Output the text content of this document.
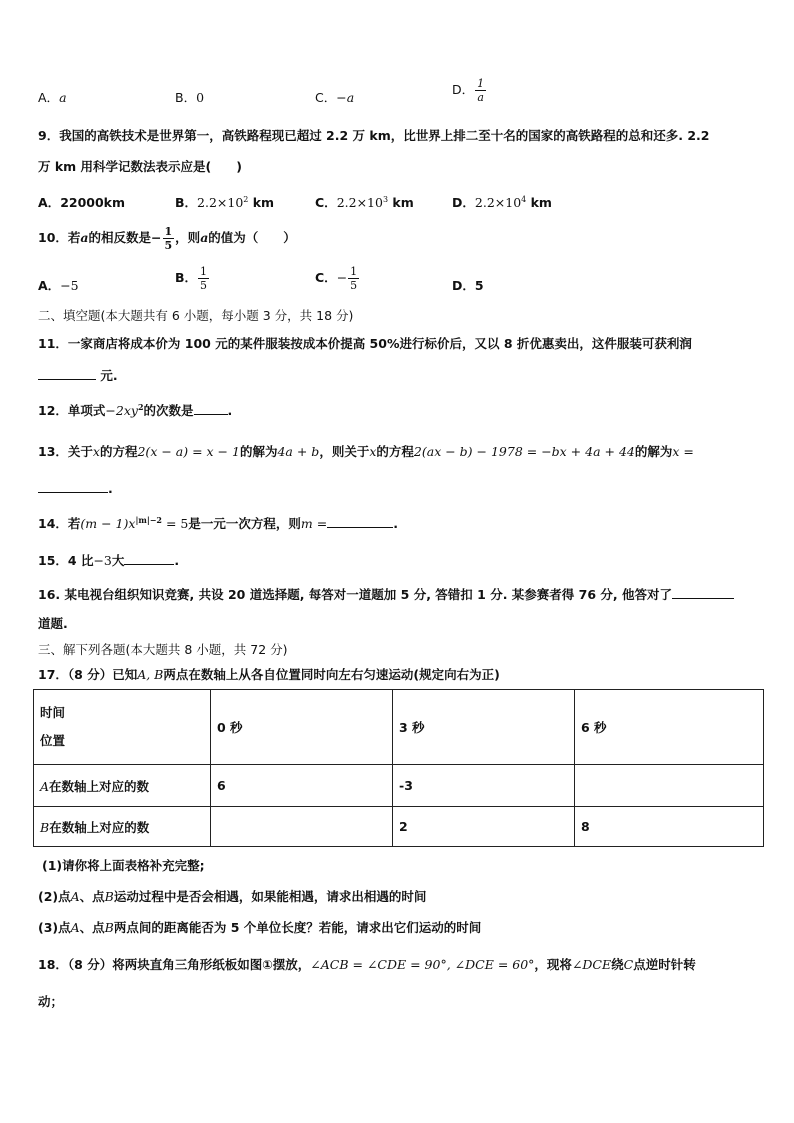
A．a	B．0	C．−a
D． $\frac{1}{a}$
9．我国的高铁技术是世界第一，高铁路程现已超过 2.2 万 km，比世界上排二至十名的国家的高铁路程的总和还多. 2.2
万 km 用科学记数法表示应是(　　)
A．22000km	B．$2.2\times 10^2$ km	C．$2.2\times 10^3$ km	D．$2.2\times 10^4$ km
10．若a的相反数是− $\frac{1}{5}$ ，则a的值为（　　）
A．−5
B． $\frac{1}{5}$	C．− $\frac{1}{5}$	D．5
二、填空题(本大题共有 6 小题，每小题 3 分，共 18 分)
11．一家商店将成本价为 100 元的某件服装按成本价提高 50%进行标价后，又以 8 折优惠卖出，这件服装可获利润
元.
12．单项式$-2xy^2$的次数是	.
13．关于x的方程2(x − a) = x − 1的解为4a + b，则关于x的方程2(ax − b) − 1978 = −bx + 4a + 44的解为x =
.
14．若$(m - 1)x^{|m|-2} = 5$是一元一次方程，则m =	.
15．4 比−3大	.
16. 某电视台组织知识竞赛, 共设 20 道选择题, 每答对一道题加 5 分, 答错扣 1 分. 某参赛者得 76 分, 他答对了
道题.
三、解下列各题(本大题共 8 小题，共 72 分)
17．（8 分）已知A, B两点在数轴上从各自位置同时向左右匀速运动(规定向右为正)
时间
位置	0 秒	3 秒	6 秒
A在数轴上对应的数	6	-3	
B在数轴上对应的数		2	8
(1)请你将上面表格补充完整;
(2)点A、点B运动过程中是否会相遇，如果能相遇，请求出相遇的时间
(3)点A、点B两点间的距离能否为 5 个单位长度？若能，请求出它们运动的时间
18．（8 分）将两块直角三角形纸板如图①摆放，∠ACB = ∠CDE = 90°, ∠DCE = 60°，现将∠DCE绕C点逆时针转
动；
